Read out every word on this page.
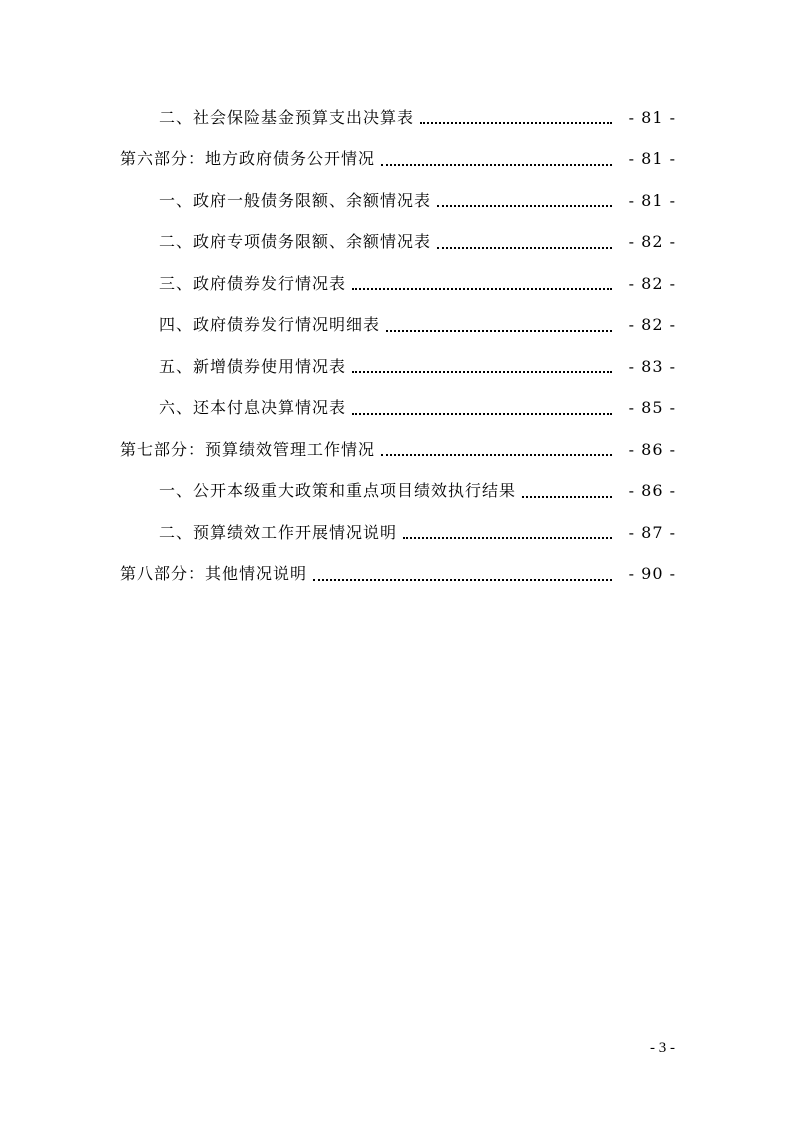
二、社会保险基金预算支出决算表	- 81 -
第六部分：地方政府债务公开情况	- 81 -
一、政府一般债务限额、余额情况表	- 81 -
二、政府专项债务限额、余额情况表	- 82 -
三、政府债券发行情况表	- 82 -
四、政府债券发行情况明细表	- 82 -
五、新增债券使用情况表	- 83 -
六、还本付息决算情况表	- 85 -
第七部分：预算绩效管理工作情况	- 86 -
一、公开本级重大政策和重点项目绩效执行结果	- 86 -
二、预算绩效工作开展情况说明	- 87 -
第八部分：其他情况说明	- 90 -
- 3 -
